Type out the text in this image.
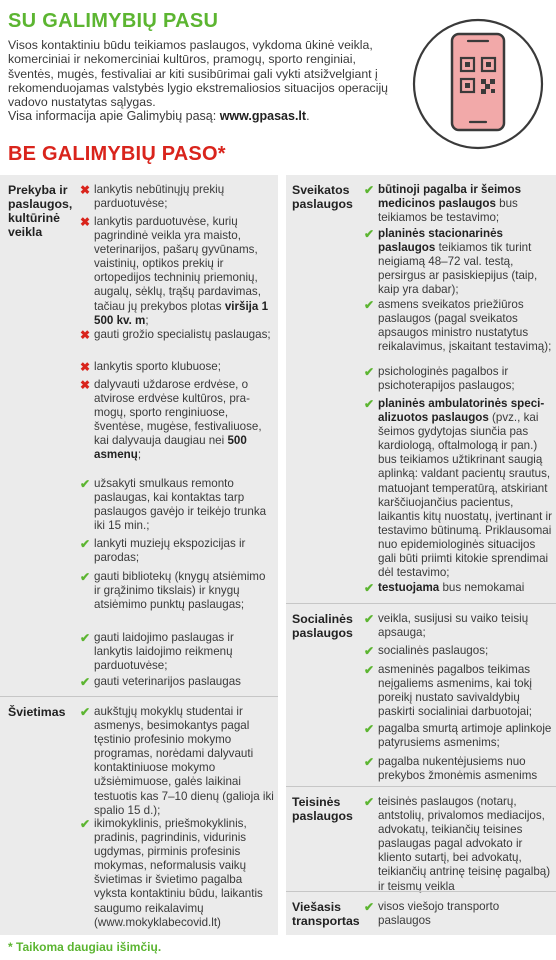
SU GALIMYBIŲ PASU
Visos kontaktiniu būdu teikiamos paslaugos, vykdoma ūkinė veikla, komerciniai ir nekomerciniai kultūros, pramogų, sporto renginiai, šventės, mugės, festivaliai ar kiti susibūrimai gali vykti atsižvelgiant į rekomenduojamas valstybės lygio ekstremaliosios situacijos operacijų vadovo nustatytas sąlygas.
Visa informacija apie Galimybių pasą: www.gpasas.lt.
BE GALIMYBIŲ PASO*
Prekyba ir paslaugos, kultūrinė veikla
✖ lankytis nebūtinųjų prekių parduotuvėse;
✖ lankytis parduotuvėse, kurių pagrindinė veikla yra maisto, veterinarijos, pašarų gyvūnams, vaistinių, optikos prekių ir ortopedijos techninių priemonių, augalų, sėklų, trąšų pardavimas, tačiau jų prekybos plotas viršija 1 500 kv. m;
✖ gauti grožio specialistų paslaugas;
✖ lankytis sporto klubuose;
✖ dalyvauti uždarose erdvėse, o atvirose erdvėse kultūros, pramogų, sporto renginiuose, šventėse, mugėse, festivaliuose, kai dalyvauja daugiau nei 500 asmenų;
✔ užsakyti smulkaus remonto paslaugas, kai kontaktas tarp paslaugos gavėjo ir teikėjo trunka iki 15 min.;
✔ lankyti muziejų ekspozicijas ir parodas;
✔ gauti bibliotekų (knygų atsiėmimo ir grąžinimo tikslais) ir knygų atsiėmimo punktų paslaugas;
✔ gauti laidojimo paslaugas ir lankytis laidojimo reikmenų parduotuvėse;
✔ gauti veterinarijos paslaugas
Švietimas	✔ aukštųjų mokyklų studentai ir asmenys, besimokantys pagal tęstinio profesinio mokymo programas, norėdami dalyvauti kontaktiniuose mokymo užsiėmimuose, galės laikinai testuotis kas 7–10 dienų (galioja iki spalio 15 d.);
✔ ikimokyklinis, priešmokyklinis, pradinis, pagrindinis, vidurinis ugdymas, pirminis profesinis mokymas, neformalusis vaikų švietimas ir švietimo pagalba vyksta kontaktiniu būdu, laikantis saugumo reikalavimų (www.mokyklabecovid.lt)
Sveikatos paslaugos
✔ būtinoji pagalba ir šeimos medicinos paslaugos bus teikiamos be testavimo;
✔ planinės stacionarinės paslaugos teikiamos tik turint neigiamą 48–72 val. testą, persirgus ar pasiskiepijus (taip, kaip yra dabar);
✔ asmens sveikatos priežiūros paslaugos (pagal sveikatos apsaugos ministro nustatytus reikalavimus, įskaitant testavimą);
✔ psichologinės pagalbos ir psichoterapijos paslaugos;
✔ planinės ambulatorinės specializuotos paslaugos (pvz., kai šeimos gydytojas siunčia pas kardiologą, oftalmologą ir pan.) bus teikiamos užtikrinant saugią aplinką: valdant pacientų srautus, matuojant temperatūrą, atskiriant karščiuojančius pacientus, laikantis kitų nuostatų, įvertinant ir testavimo būtinumą. Priklausomai nuo epidemiologinės situacijos gali būti priimti kitokie sprendimai dėl testavimo;
✔ testuojama bus nemokamai
Socialinės paslaugos
✔ veikla, susijusi su vaiko teisių apsauga;
✔ socialinės paslaugos;
✔ asmeninės pagalbos teikimas neįgaliems asmenims, kai tokį poreikį nustato savivaldybių paskirti socialiniai darbuotojai;
✔ pagalba smurtą artimoje aplinkoje patyrusiems asmenims;
✔ pagalba nukentėjusiems nuo prekybos žmonėmis asmenims
Teisinės paslaugos
✔ teisinės paslaugos (notarų, antstolių, privalomos mediacijos, advokatų, teikiančių teisines paslaugas pagal advokato ir kliento sutartį, bei advokatų, teikiančių antrinę teisinę pagalbą) ir teismų veikla
Viešasis transportas
✔ visos viešojo transporto paslaugos
* Taikoma daugiau išimčių.
